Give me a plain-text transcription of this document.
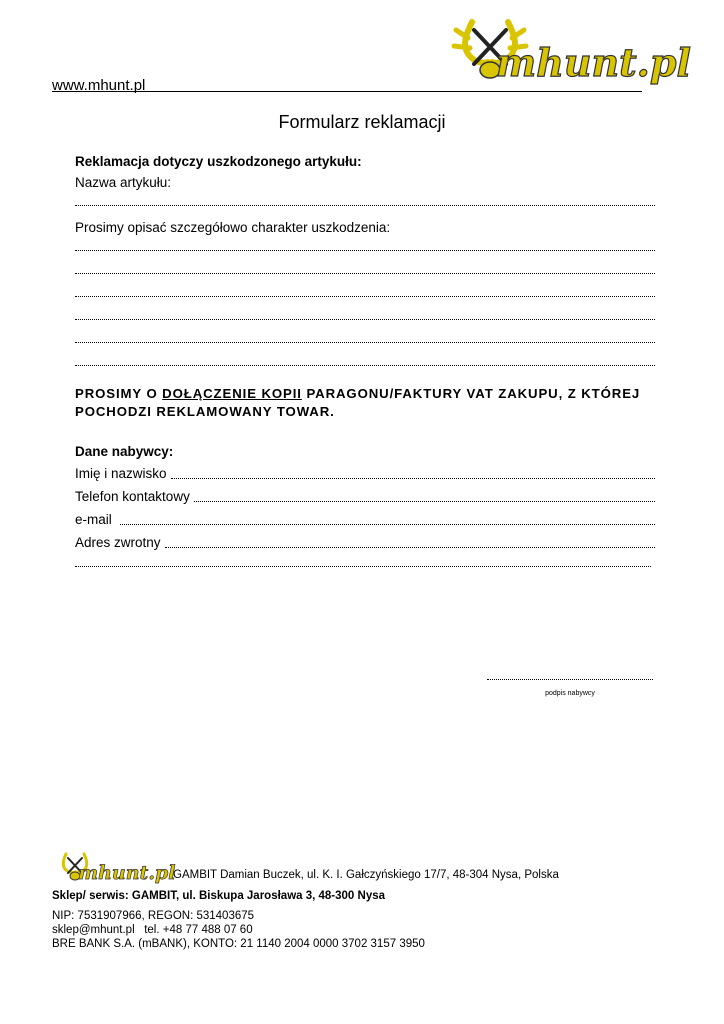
mhunt.pl
www.mhunt.pl
Formularz reklamacji
Reklamacja dotyczy uszkodzonego artykułu:
Nazwa artykułu:
Prosimy opisać szczegółowo charakter uszkodzenia:
PROSIMY O DOŁĄCZENIE KOPII PARAGONU/FAKTURY VAT ZAKUPU, Z KTÓREJ POCHODZI REKLAMOWANY TOWAR.
Dane nabywcy:
Imię i nazwisko
Telefon kontaktowy
e-mail
Adres zwrotny
podpis nabywcy
mhunt.pl
GAMBIT Damian Buczek, ul. K. I. Gałczyńskiego 17/7, 48-304 Nysa, Polska
Sklep/ serwis: GAMBIT, ul. Biskupa Jarosława 3, 48-300 Nysa
NIP: 7531907966, REGON: 531403675
sklep@mhunt.pl   tel. +48 77 488 07 60
BRE BANK S.A. (mBANK), KONTO: 21 1140 2004 0000 3702 3157 3950
